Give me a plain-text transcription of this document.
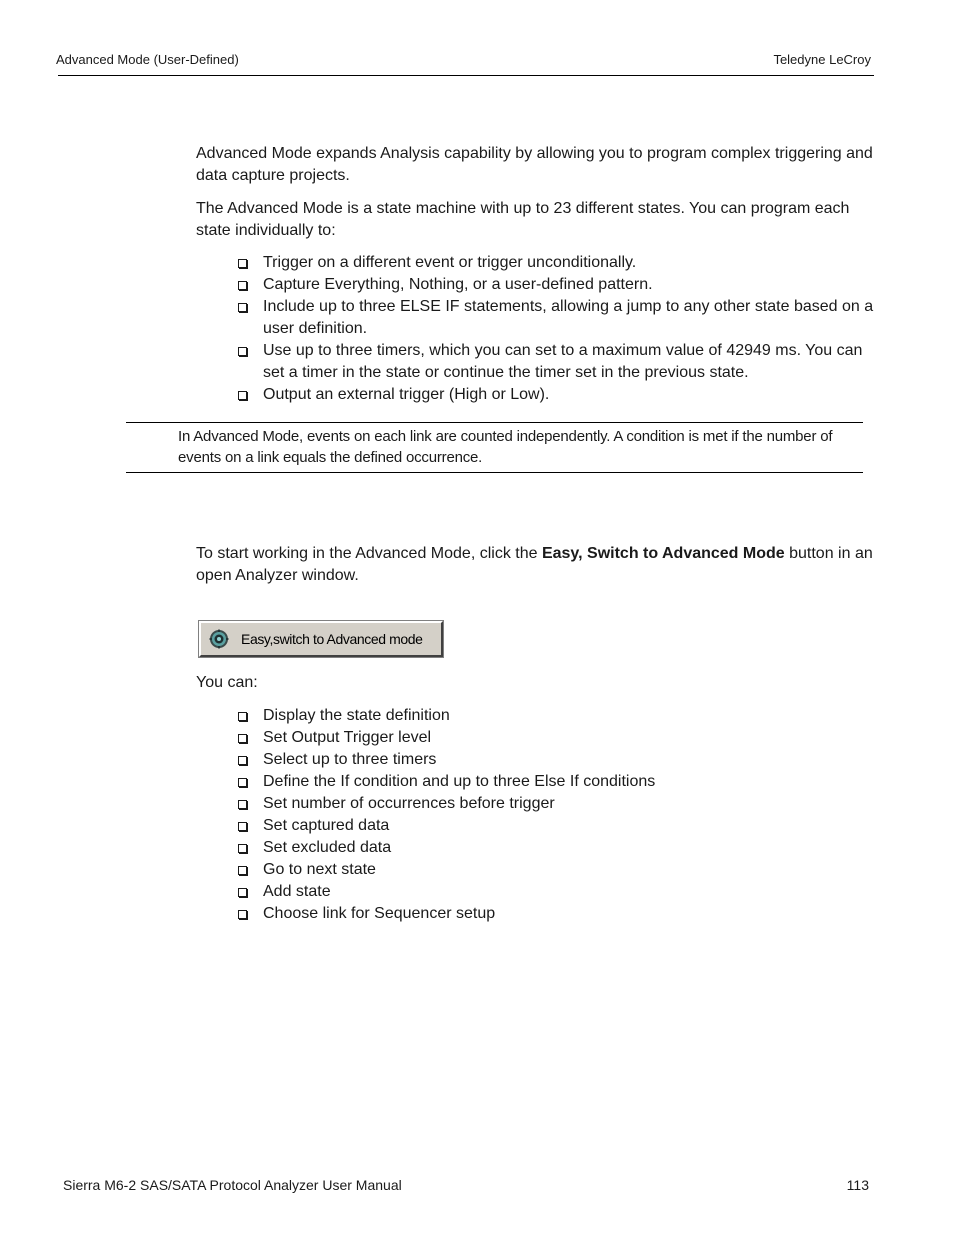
Advanced Mode (User-Defined)	Teledyne LeCroy

Advanced Mode expands Analysis capability by allowing you to program complex triggering and data capture projects.

The Advanced Mode is a state machine with up to 23 different states. You can program each state individually to:

Trigger on a different event or trigger unconditionally.
Capture Everything, Nothing, or a user-defined pattern.
Include up to three ELSE IF statements, allowing a jump to any other state based on a user definition.
Use up to three timers, which you can set to a maximum value of 42949 ms. You can set a timer in the state or continue the timer set in the previous state.
Output an external trigger (High or Low).

In Advanced Mode, events on each link are counted independently. A condition is met if the number of events on a link equals the defined occurrence.

To start working in the Advanced Mode, click the Easy, Switch to Advanced Mode button in an open Analyzer window.

Easy,switch to Advanced mode

You can:

Display the state definition
Set Output Trigger level
Select up to three timers
Define the If condition and up to three Else If conditions
Set number of occurrences before trigger
Set captured data
Set excluded data
Go to next state
Add state
Choose link for Sequencer setup
Sierra M6-2 SAS/SATA Protocol Analyzer User Manual	113
